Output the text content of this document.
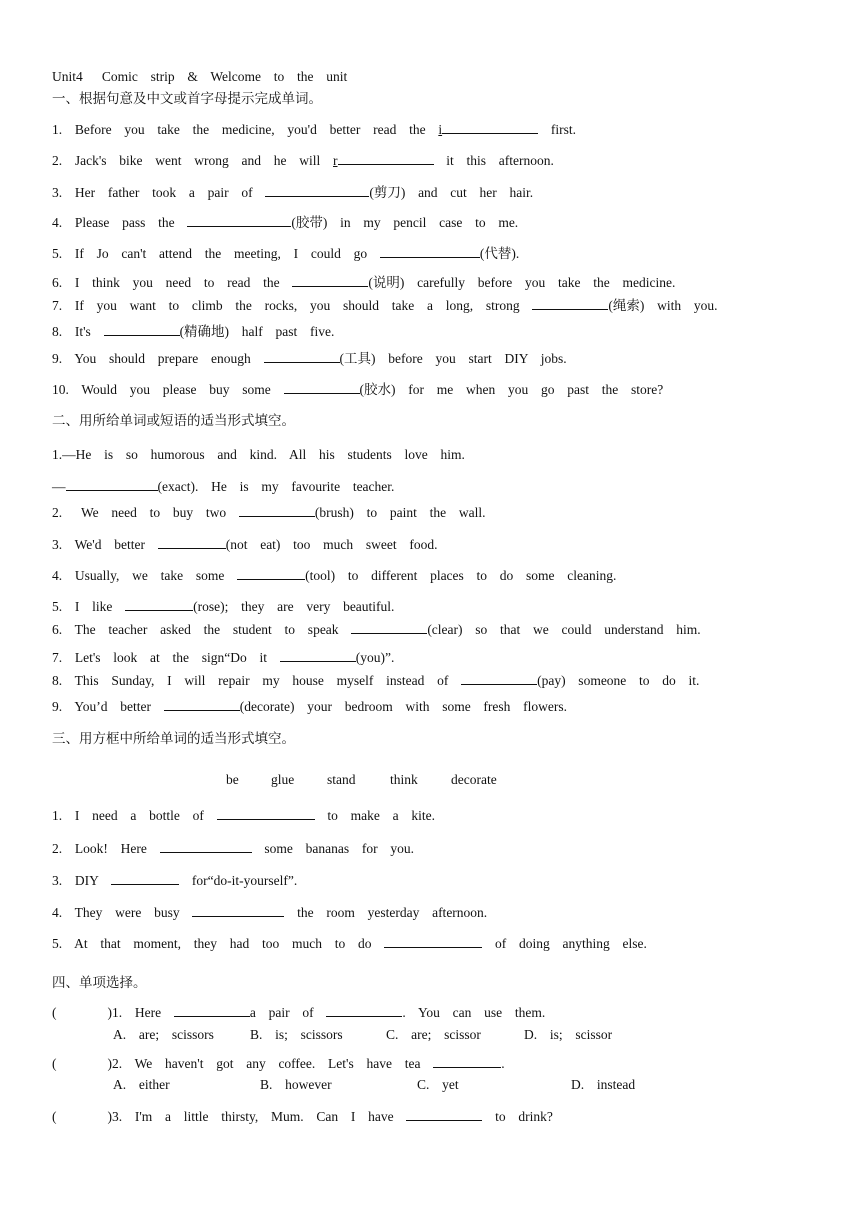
Unit4   Comic  strip  &  Welcome  to  the  unit
一、根据句意及中文或首字母提示完成单词。
1.  Before  you  take  the  medicine,  you'd  better  read  the  i	first.
2.  Jack's  bike  went  wrong  and  he  will  r	it  this  afternoon.
3.  Her  father  took  a  pair  of	(剪刀)  and  cut  her  hair.
4.  Please  pass  the	(胶带)  in  my  pencil  case  to  me.
5.  If  Jo  can't  attend  the  meeting,  I  could  go	(代替).
6.  I  think  you  need  to  read  the	(说明)  carefully  before  you  take  the  medicine.
7.  If  you  want  to  climb  the  rocks,  you  should  take  a  long,  strong	(绳索)  with  you.
8.  It's	(精确地)  half  past  five.
9.  You  should  prepare  enough	(工具)  before  you  start  DIY  jobs.
10.  Would  you  please  buy  some	(胶水)  for  me  when  you  go  past  the  store?
二、用所给单词或短语的适当形式填空。
1.—He  is  so  humorous  and  kind.  All  his  students  love  him.
—	(exact).  He  is  my  favourite  teacher.
2.   We  need  to  buy  two	(brush)  to  paint  the  wall.
3.  We'd  better	(not  eat)  too  much  sweet  food.
4.  Usually,  we  take  some	(tool)  to  different  places  to  do  some  cleaning.
5.  I  like	(rose);  they  are  very  beautiful.
6.  The  teacher  asked  the  student  to  speak	(clear)  so  that  we  could  understand  him.
7.  Let's  look  at  the  sign“Do  it	(you)”.
8.  This  Sunday,  I  will  repair  my  house  myself  instead  of	(pay)  someone  to  do  it.
9.  You’d  better	(decorate)  your  bedroom  with  some  fresh  flowers.
三、用方框中所给单词的适当形式填空。

be

glue

stand

	think

decorate

1.  I  need  a  bottle  of	to  make  a  kite.
2.  Look!  Here	some  bananas  for  you.
3.  DIY	for“do-it-yourself”.
4.  They  were  busy	the  room  yesterday  afternoon.
5.  At  that  moment,  they  had  too  much  to  do	of  doing  anything  else.
四、单项选择。
(        )1.  Here	a  pair  of	.  You  can  use  them.
A.  are;  scissors	B.  is;  scissors	C.  are;  scissor	D.  is;  scissor
(        )2.  We  haven't  got  any  coffee.  Let's  have  tea	.
A.  either	B.  however	C.  yet	D.  instead
(        )3.  I'm  a  little  thirsty,  Mum.  Can  I  have	to  drink?
